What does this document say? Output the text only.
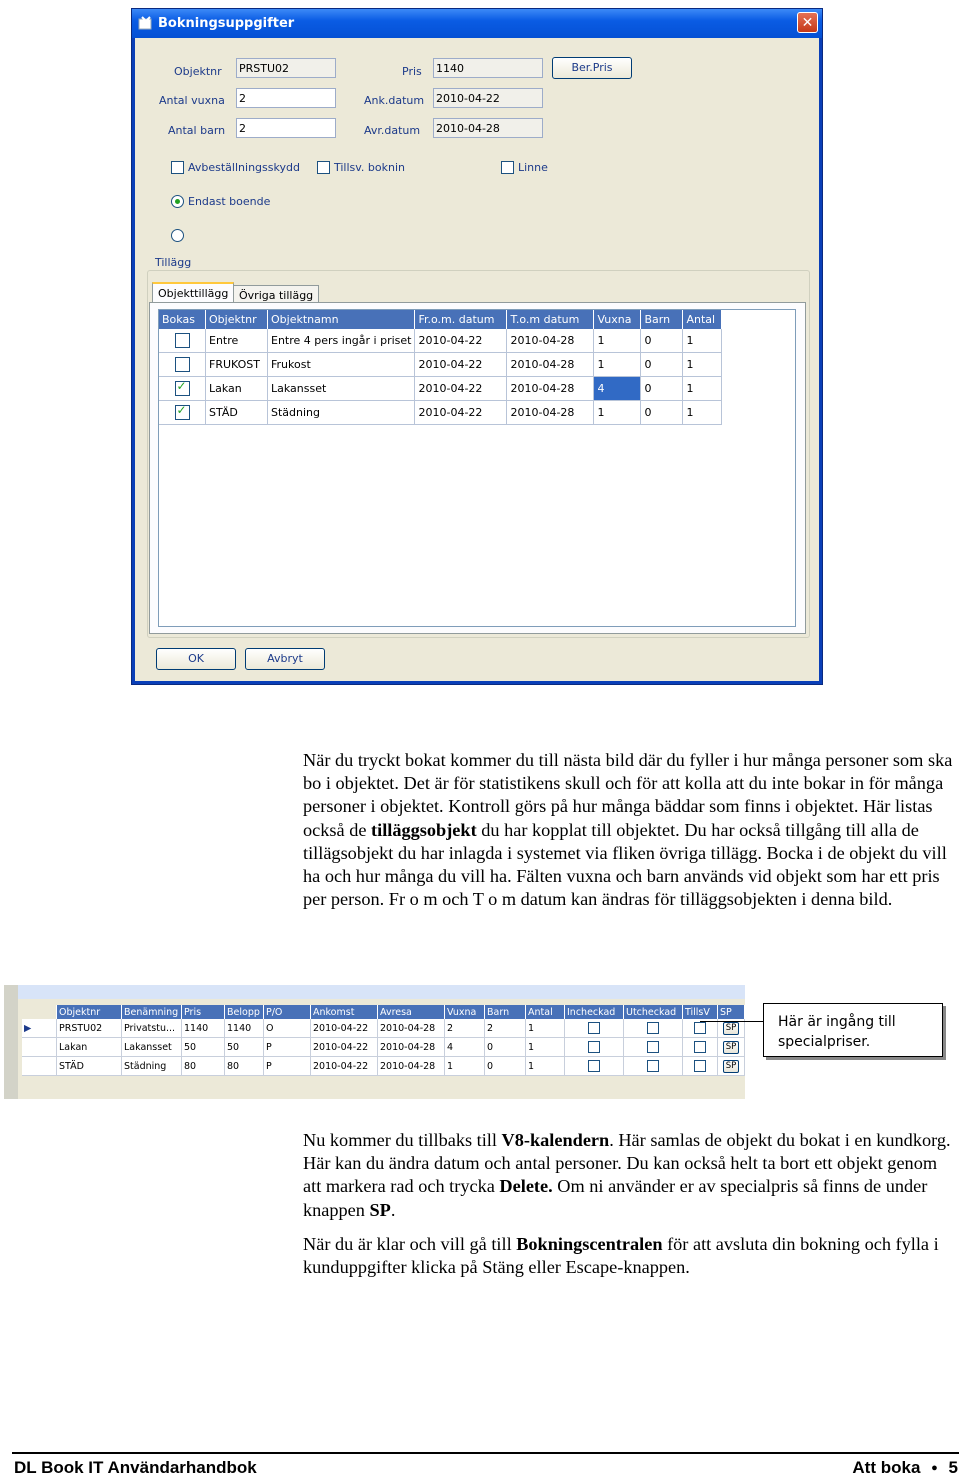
Bokningsuppgifter	✕
Objektnr PRSTU02	Pris 1140	Ber.Pris
Antal vuxna 2	Ank.datum 2010-04-22
Antal barn 2	Avr.datum 2010-04-28
Avbeställningsskydd	Tillsv. boknin	Linne
Endast boende
Tillägg
Objekttillägg Övriga tillägg
Bokas	Objektnr	Objektnamn	Fr.o.m. datum	T.o.m datum	Vuxna	Barn	Antal
	Entre	Entre 4 pers ingår i priset	2010-04-22	2010-04-28	1	0	1
	FRUKOST	Frukost	2010-04-22	2010-04-28	1	0	1
✓	Lakan	Lakansset	2010-04-22	2010-04-28	4	0	1
✓	STÄD	Städning	2010-04-22	2010-04-28	1	0	1
OK	Avbryt

När du tryckt bokat kommer du till nästa bild där du fyller i hur många personer som ska bo i objektet. Det är för statistikens skull och för att kolla att du inte bokar in för många personer i objektet. Kontroll görs på hur många bäddar som finns i objektet. Här listas också de tilläggsobjekt du har kopplat till objektet. Du har också tillgång till alla de tillägsobjekt du har inlagda i systemet via fliken övriga tillägg. Bocka i de objekt du vill ha och hur många du vill ha. Fälten vuxna och barn används vid objekt som har ett pris per person. Fr o m och T o m datum kan ändras för tilläggsobjekten i denna bild.

	Objektnr	Benämning	Pris	Belopp	P/O	Ankomst	Avresa	Vuxna	Barn	Antal	Incheckad	Utcheckad	TillsV	SP
▶	PRSTU02	Privatstu...	1140	1140	O	2010-04-22	2010-04-28	2	2	1				SP
	Lakan	Lakansset	50	50	P	2010-04-22	2010-04-28	4	0	1				SP
	STÄD	Städning	80	80	P	2010-04-22	2010-04-28	1	0	1				SP
Här är ingång till
specialpriser.

Nu kommer du tillbaks till V8-kalendern. Här samlas de objekt du bokat i en kundkorg. Här kan du ändra datum och antal personer. Du kan också helt ta bort ett objekt genom att markera rad och trycka Delete. Om ni använder er av specialpris så finns de under knappen SP.

När du är klar och vill gå till Bokningscentralen för att avsluta din bokning och fylla i kunduppgifter klicka på Stäng eller Escape-knappen.

DL Book IT Användarhandbok	Att boka ● 5
